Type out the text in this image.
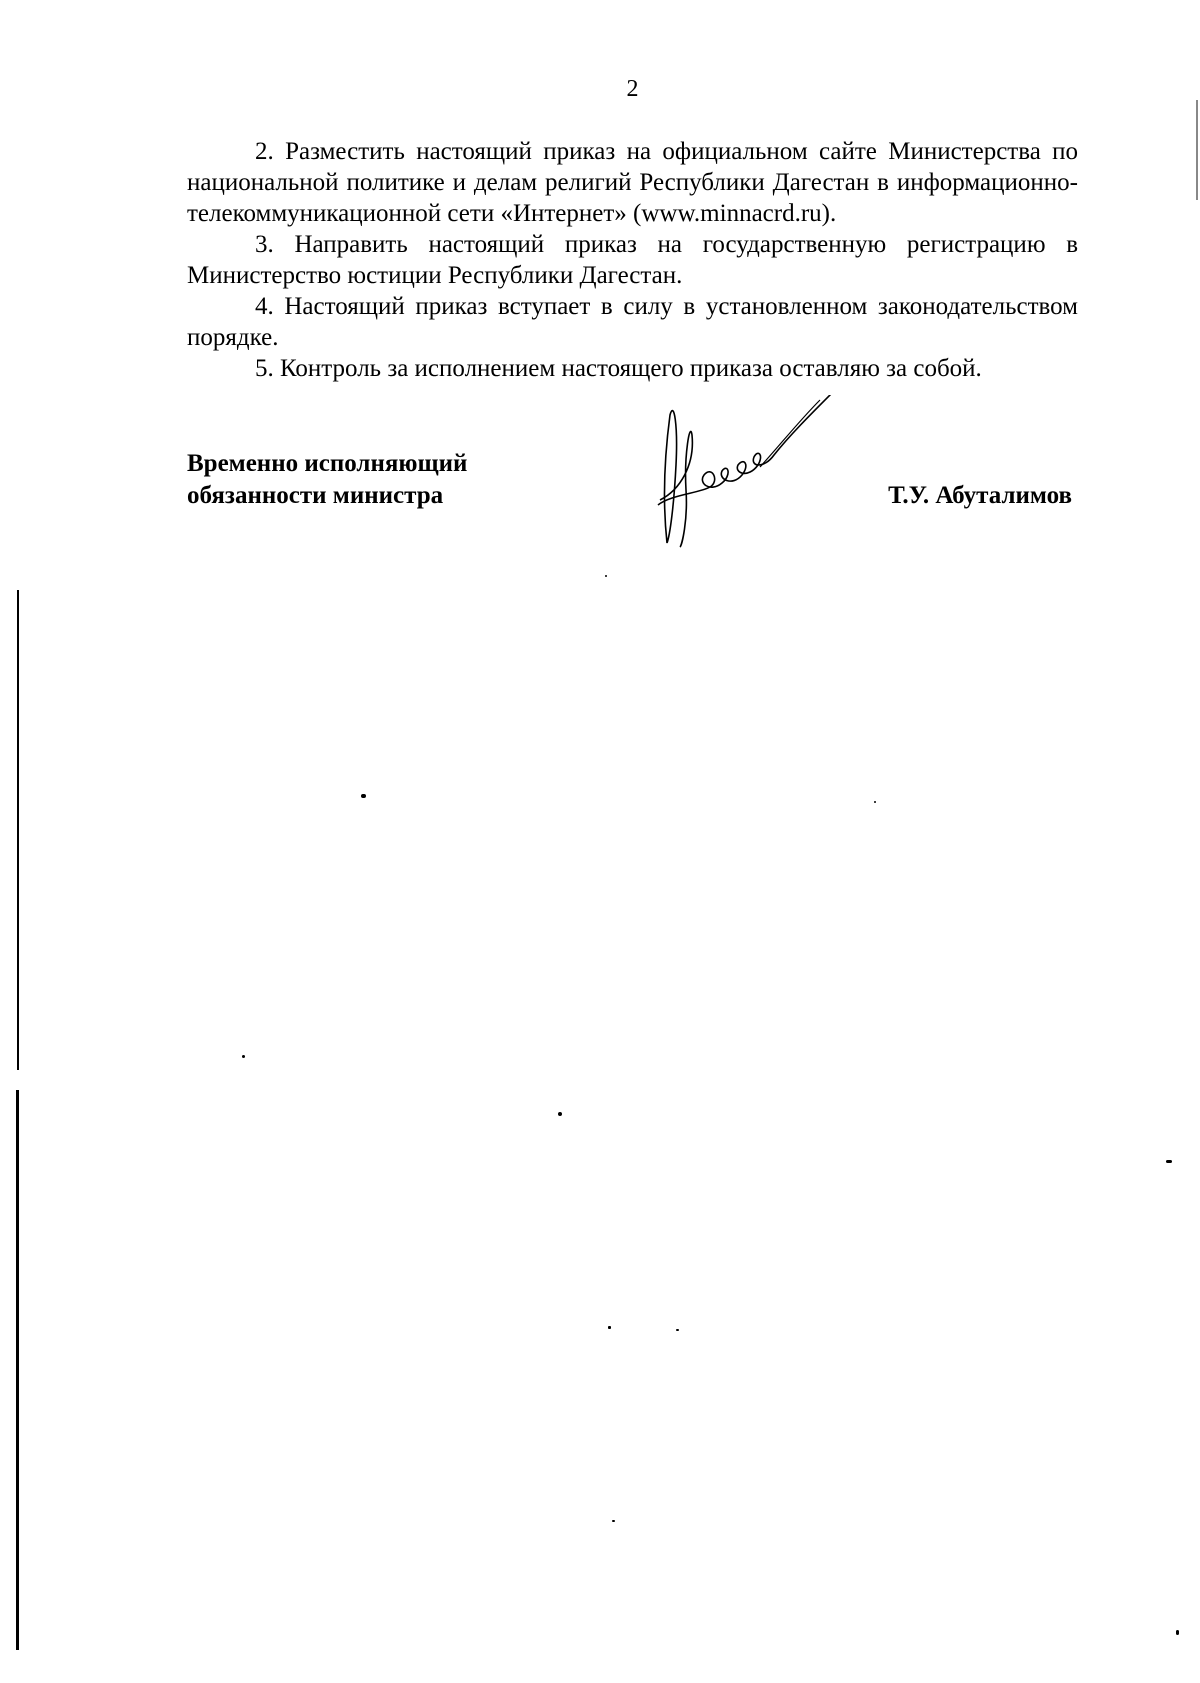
2

2. Разместить настоящий приказ на официальном сайте Министерства по национальной политике и делам религий Республики Дагестан в информационно-телекоммуникационной сети «Интернет» (www.minnacrd.ru).

3. Направить настоящий приказ на государственную регистрацию в Министерство юстиции Республики Дагестан.

4. Настоящий приказ вступает в силу в установленном законодательством порядке.

5. Контроль за исполнением настоящего приказа оставляю за собой.

Временно исполняющий
обязанности министра	Т.У. Абуталимов
